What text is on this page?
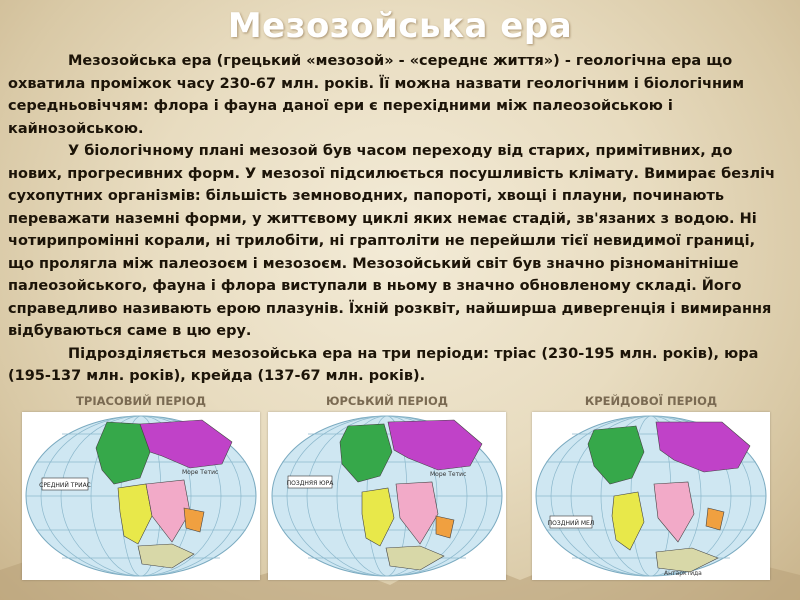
Мезозойська ера

Мезозойська ера (грецький «мезозой» - «середнє життя») - геологічна ера що охватила проміжок часу 230-67 млн. років. Її можна назвати геологічним і біологічним середньовіччям: флора і фауна даної ери є перехідними між палеозойською і кайнозойською.

У біологічному плані мезозой був часом переходу від старих, примітивних, до нових, прогресивних форм. У мезозої підсилюється посушливість клімату. Вимирає безліч сухопутних організмів: більшість земноводних, папороті, хвощі і плауни, починають переважати наземні форми, у життєвому циклі яких немає стадій, зв'язаних з водою. Ні чотирипромінні корали, ні трилобіти, ні граптоліти не перейшли тієї невидимої границі, що пролягла між палеозоєм і мезозоєм. Мезозойський світ був значно різноманітніше палеозойського, фауна і флора виступали в ньому в значно обновленому складі. Його справедливо називають ерою плазунів. Їхній розквіт, найширша дивергенція і вимирання відбуваються саме в цю еру.

Підрозділяється мезозойська ера на три періоди: тріас (230-195 млн. років), юра (195-137 млн. років), крейда (137-67 млн. років).

ТРІАСОВИЙ ПЕРІОД
СРЕДНИЙ ТРИАС
Море Тетис
ЮРСЬКИЙ ПЕРІОД
ПОЗДНЯЯ ЮРА
Море Тетис
КРЕЙДОВОЇ ПЕРІОД
ПОЗДНИЙ МЕЛ
Антарктида
